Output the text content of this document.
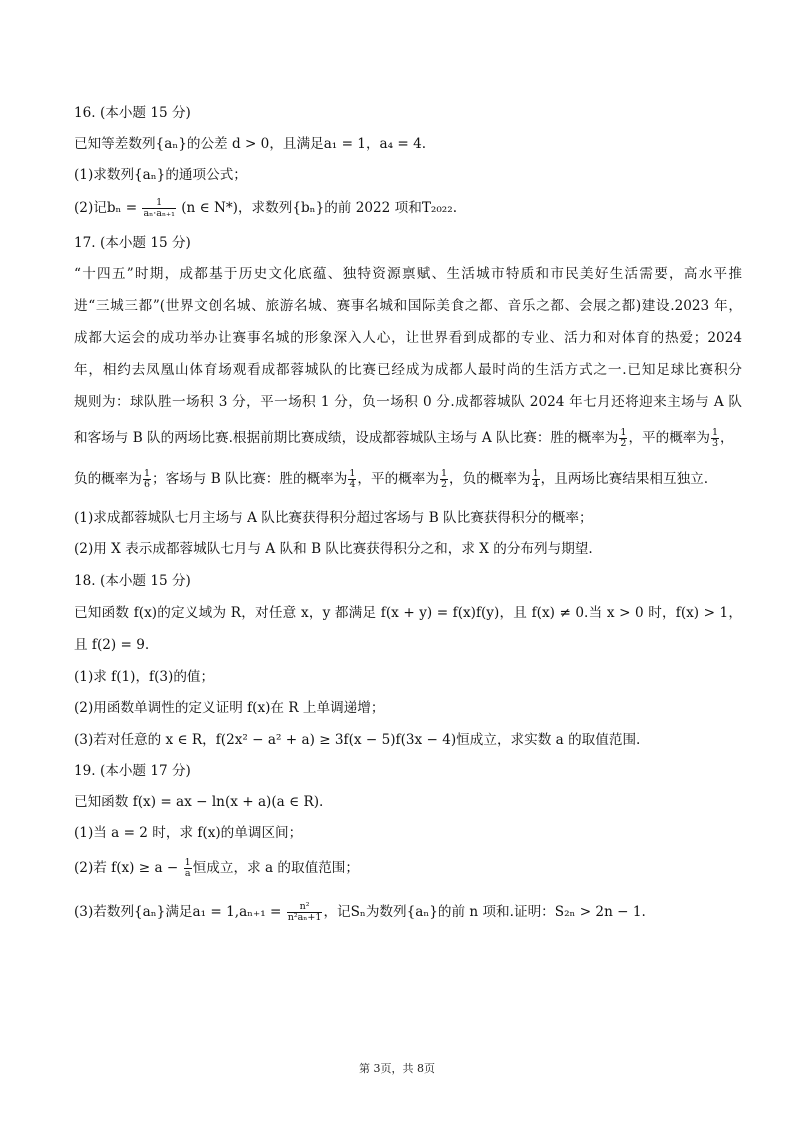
16. (本小题 15 分)
已知等差数列{aₙ}的公差 d > 0，且满足a₁ = 1，a₄ = 4.
(1)求数列{aₙ}的通项公式；
(2)记$b_n = \frac{1}{\text{aₙ·aₙ₊₁}} (n$ ∈ N*)，求数列{bₙ}的前 2022 项和T₂₀₂₂.
17. (本小题 15 分)
“十四五”时期，成都基于历史文化底蕴、独特资源禀赋、生活城市特质和市民美好生活需要，高水平推
进“三城三都”(世界文创名城、旅游名城、赛事名城和国际美食之都、音乐之都、会展之都)建设.2023 年，
成都大运会的成功举办让赛事名城的形象深入人心，让世界看到成都的专业、活力和对体育的热爱；2024
年，相约去凤凰山体育场观看成都蓉城队的比赛已经成为成都人最时尚的生活方式之一.已知足球比赛积分
规则为：球队胜一场积 3 分，平一场积 1 分，负一场积 0 分.成都蓉城队 2024 年七月还将迎来主场与 A 队
和客场与 B 队的两场比赛.根据前期比赛成绩，设成都蓉城队主场与 A 队比赛：胜的概率为 $\frac{1}{2}$ ，平的概率为 $\frac{1}{3}$ ，
负的概率为 $\frac{1}{6}$ ；客场与 B 队比赛：胜的概率为 $\frac{1}{4}$ ，平的概率为 $\frac{1}{2}$ ，负的概率为 $\frac{1}{4}$ ，且两场比赛结果相互独立.
(1)求成都蓉城队七月主场与 A 队比赛获得积分超过客场与 B 队比赛获得积分的概率；
(2)用 X 表示成都蓉城队七月与 A 队和 B 队比赛获得积分之和，求 X 的分布列与期望.
18. (本小题 15 分)
已知函数 f(x)的定义域为 R，对任意 x，y 都满足 f(x + y) = f(x)f(y)，且 f(x) ≠ 0.当 x > 0 时，f(x) > 1，
且 f(2) = 9.
(1)求 f(1)，f(3)的值；
(2)用函数单调性的定义证明 f(x)在 R 上单调递增；
(3)若对任意的 x ∈ R，f(2x² − a² + a) ≥ 3f(x − 5)f(3x − 4)恒成立，求实数 a 的取值范围.
19. (本小题 17 分)
已知函数 f(x) = ax − ln(x + a)(a ∈ R).
(1)当 a = 2 时，求 f(x)的单调区间；
(2)若 $f(x) \ge a - \frac{1}{a}$ 恒成立，求 a 的取值范围；
(3)若数列{aₙ}满足$a_1 = 1,a_{n+1} = \frac{\text{n²}}{\text{n²aₙ+1}}$ ，记Sₙ为数列{aₙ}的前 n 项和.证明：S₂ₙ > 2n − 1.
第 3页，共 8页
